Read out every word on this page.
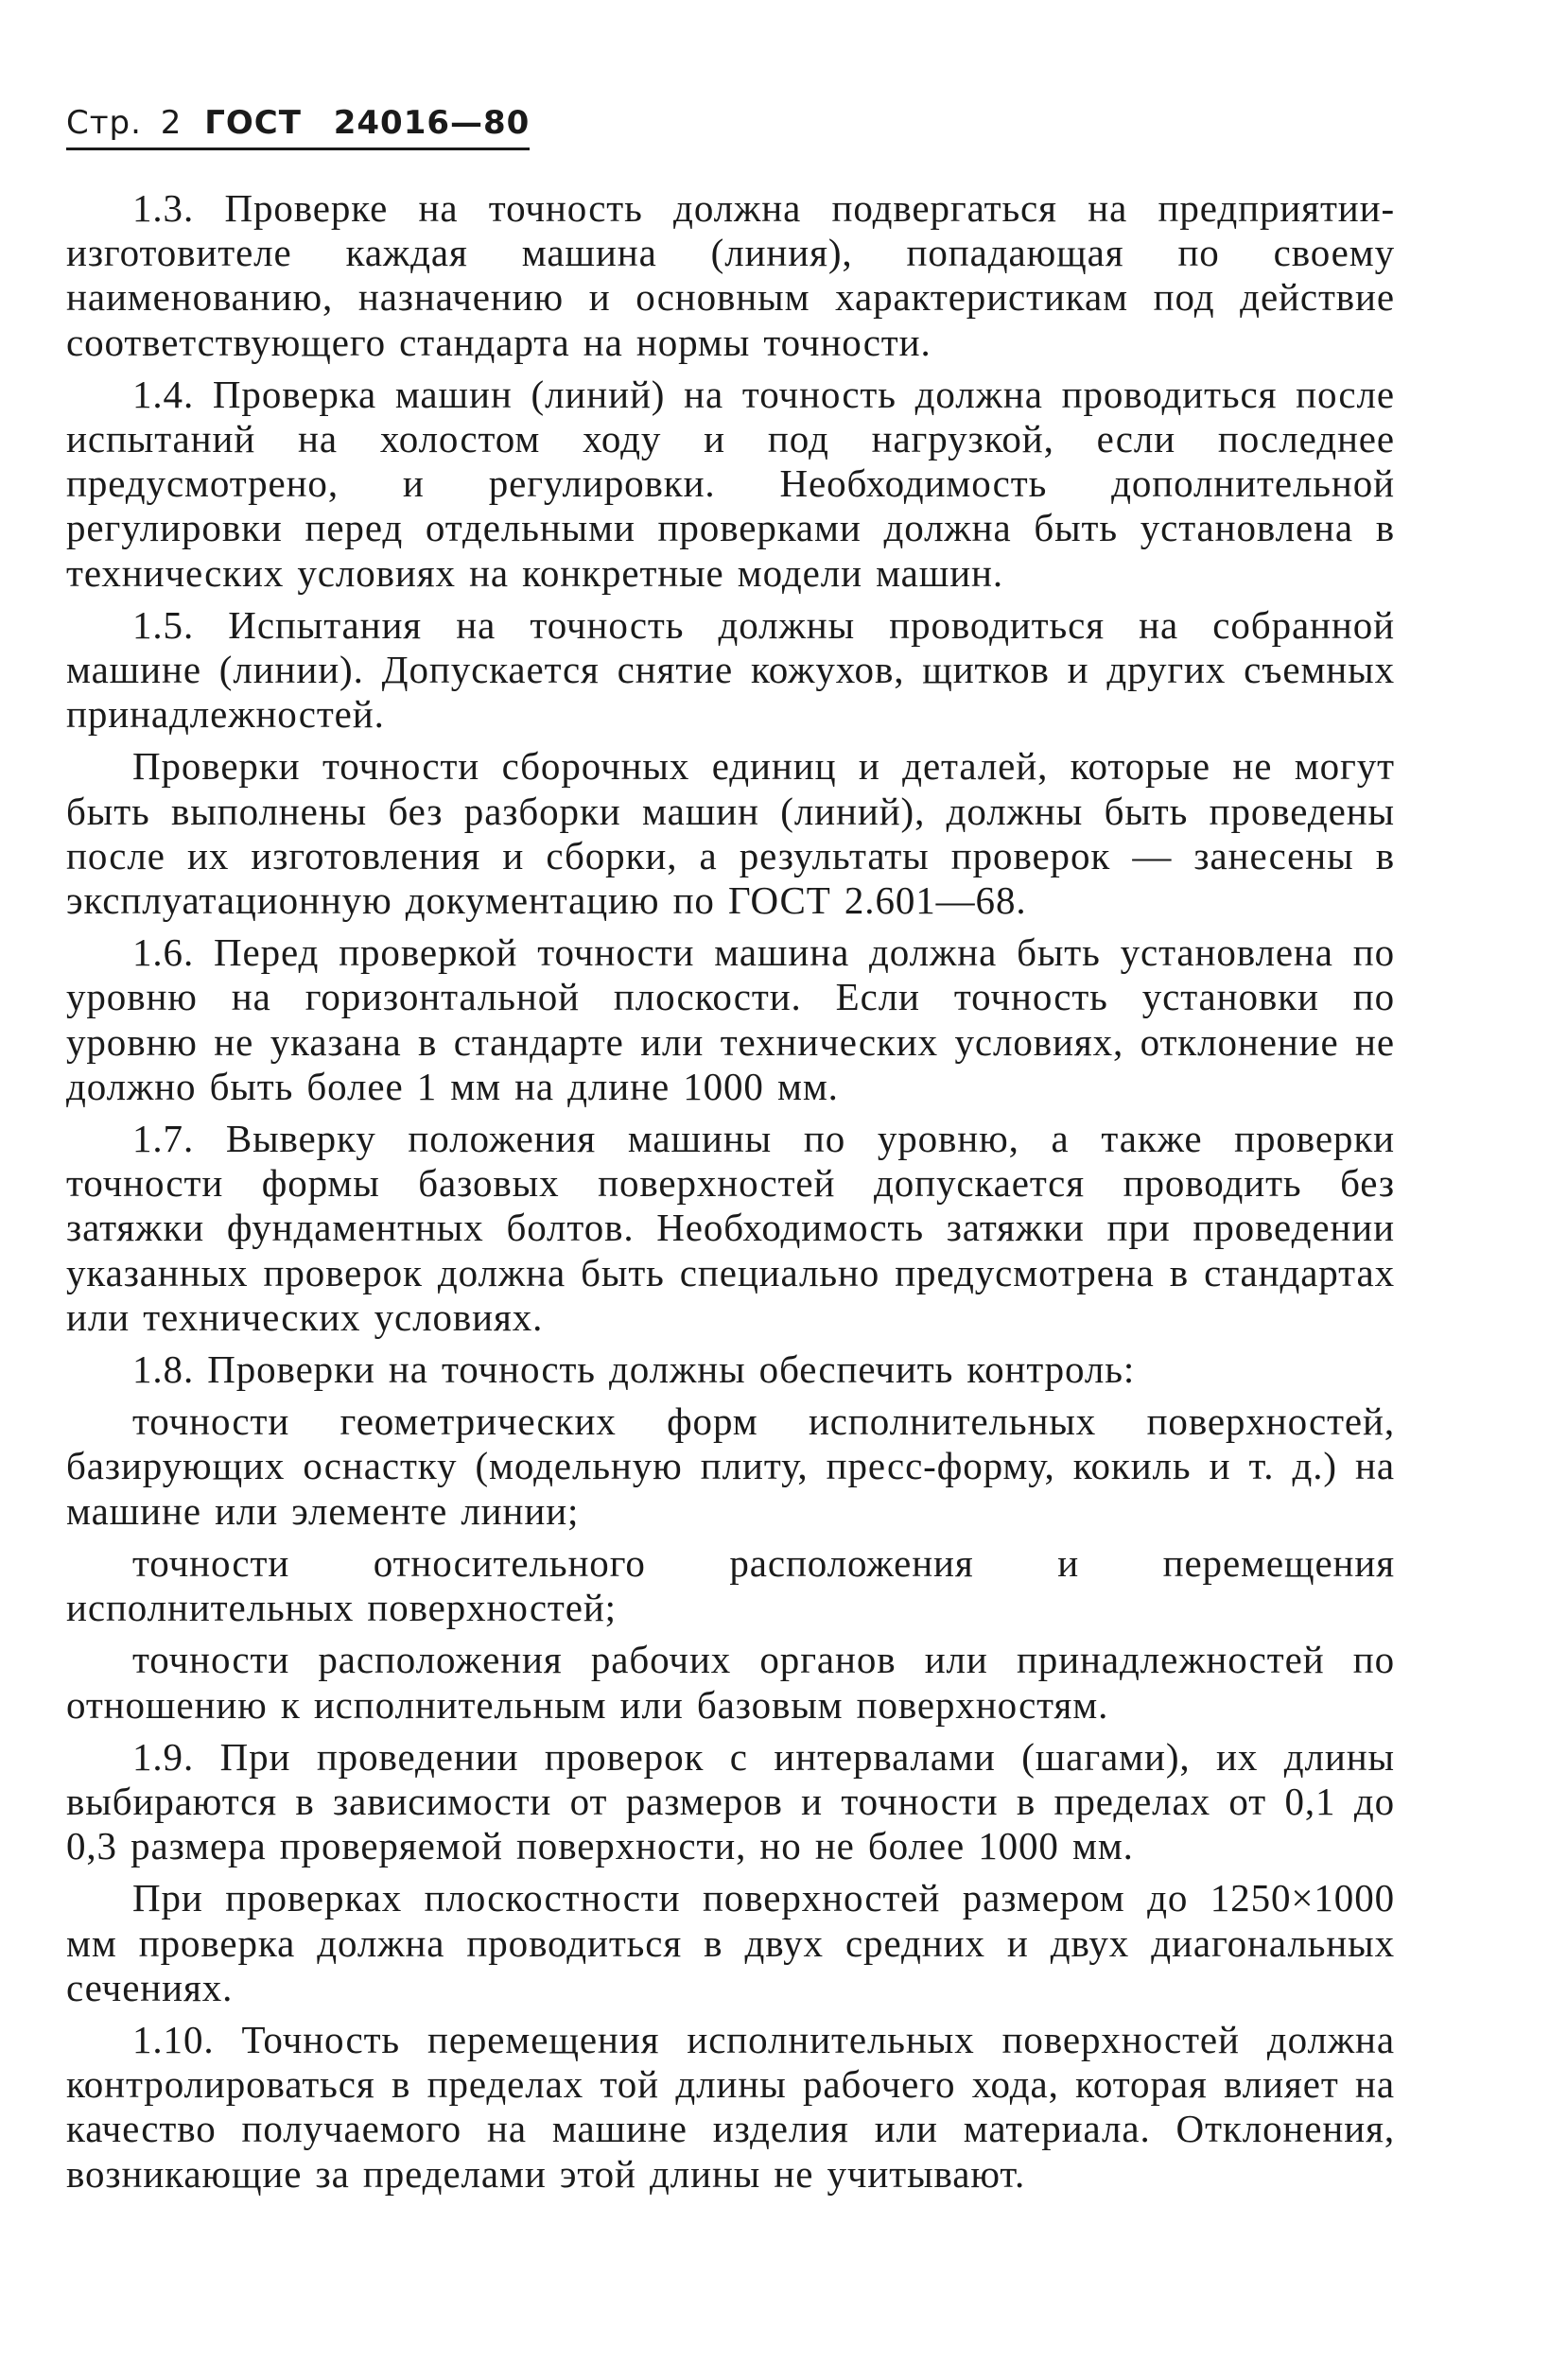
Стр. 2 ГОСТ 24016—80

1.3. Проверке на точность должна подвергаться на предприятии-изготовителе каждая машина (линия), попадающая по своему наименованию, назначению и основным характеристикам под действие соответствующего стандарта на нормы точности.

1.4. Проверка машин (линий) на точность должна проводиться после испытаний на холостом ходу и под нагрузкой, если последнее предусмотрено, и регулировки. Необходимость дополнительной регулировки перед отдельными проверками должна быть установлена в технических условиях на конкретные модели машин.

1.5. Испытания на точность должны проводиться на собранной машине (линии). Допускается снятие кожухов, щитков и других съемных принадлежностей.

Проверки точности сборочных единиц и деталей, которые не могут быть выполнены без разборки машин (линий), должны быть проведены после их изготовления и сборки, а результаты проверок — занесены в эксплуатационную документацию по ГОСТ 2.601—68.

1.6. Перед проверкой точности машина должна быть установлена по уровню на горизонтальной плоскости. Если точность установки по уровню не указана в стандарте или технических условиях, отклонение не должно быть более 1 мм на длине 1000 мм.

1.7. Выверку положения машины по уровню, а также проверки точности формы базовых поверхностей допускается проводить без затяжки фундаментных болтов. Необходимость затяжки при проведении указанных проверок должна быть специально предусмотрена в стандартах или технических условиях.

1.8. Проверки на точность должны обеспечить контроль:

точности геометрических форм исполнительных поверхностей, базирующих оснастку (модельную плиту, пресс-форму, кокиль и т. д.) на машине или элементе линии;

точности относительного расположения и перемещения исполнительных поверхностей;

точности расположения рабочих органов или принадлежностей по отношению к исполнительным или базовым поверхностям.

1.9. При проведении проверок с интервалами (шагами), их длины выбираются в зависимости от размеров и точности в пределах от 0,1 до 0,3 размера проверяемой поверхности, но не более 1000 мм.

При проверках плоскостности поверхностей размером до 1250×1000 мм проверка должна проводиться в двух средних и двух диагональных сечениях.

1.10. Точность перемещения исполнительных поверхностей должна контролироваться в пределах той длины рабочего хода, которая влияет на качество получаемого на машине изделия или материала. Отклонения, возникающие за пределами этой длины не учитывают.
